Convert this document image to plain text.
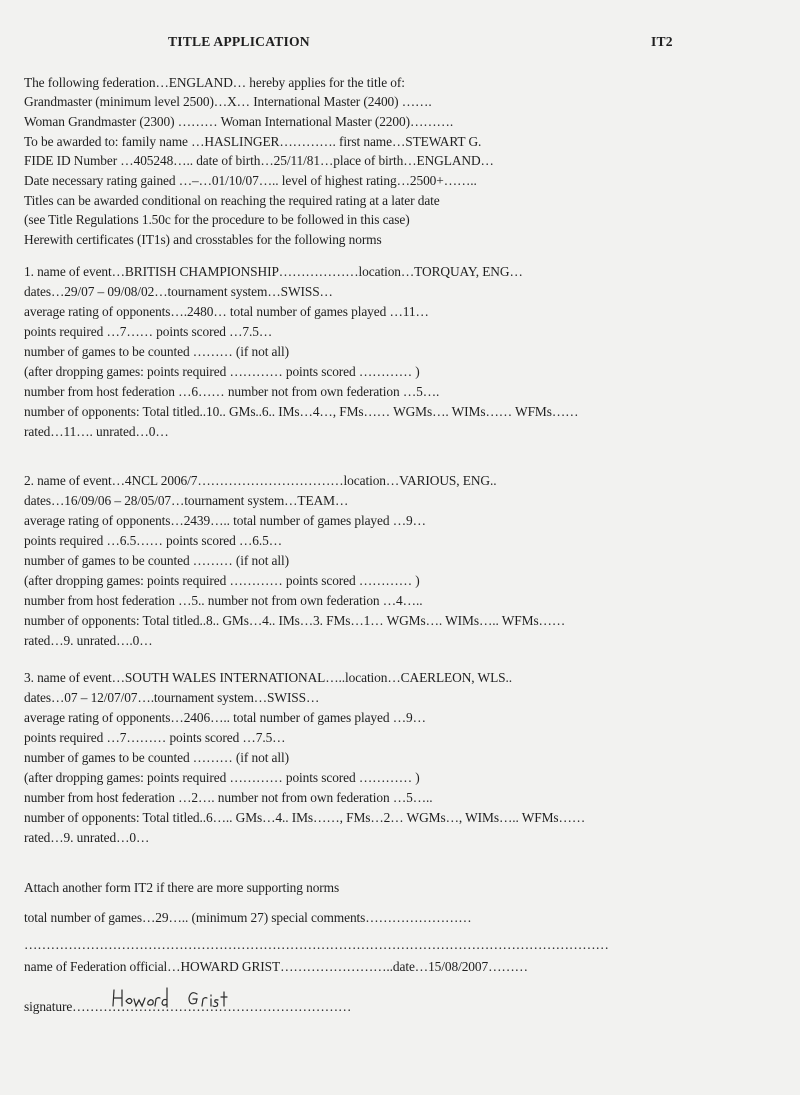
TITLE APPLICATION	IT2
The following federation…ENGLAND… hereby applies for the title of:
Grandmaster (minimum level 2500)…X… International Master (2400) …….
Woman Grandmaster (2300) ……… Woman International Master (2200)……….
To be awarded to: family name …HASLINGER…………. first name…STEWART G.
FIDE ID Number …405248….. date of birth…25/11/81…place of birth…ENGLAND…
Date necessary rating gained …–…01/10/07….. level of highest rating…2500+……..
Titles can be awarded conditional on reaching the required rating at a later date
(see Title Regulations 1.50c for the procedure to be followed in this case)
Herewith certificates (IT1s) and crosstables for the following norms
1. name of event…BRITISH CHAMPIONSHIP………………location…TORQUAY, ENG…
dates…29/07 – 09/08/02…tournament system…SWISS…
average rating of opponents….2480… total number of games played …11…
points required …7…… points scored …7.5…
number of games to be counted ……… (if not all)
(after dropping games: points required ………… points scored ………… )
number from host federation …6…… number not from own federation …5….
number of opponents: Total titled..10.. GMs..6.. IMs…4…, FMs…… WGMs…. WIMs…… WFMs……
rated…11…. unrated…0…
2. name of event…4NCL 2006/7……………………………location…VARIOUS, ENG..
dates…16/09/06 – 28/05/07…tournament system…TEAM…
average rating of opponents…2439….. total number of games played …9…
points required …6.5…… points scored …6.5…
number of games to be counted ……… (if not all)
(after dropping games: points required ………… points scored ………… )
number from host federation …5.. number not from own federation …4…..
number of opponents: Total titled..8.. GMs…4.. IMs…3. FMs…1… WGMs…. WIMs….. WFMs……
rated…9. unrated….0…
3. name of event…SOUTH WALES INTERNATIONAL…..location…CAERLEON, WLS..
dates…07 – 12/07/07….tournament system…SWISS…
average rating of opponents…2406….. total number of games played …9…
points required …7……… points scored …7.5…
number of games to be counted ……… (if not all)
(after dropping games: points required ………… points scored ………… )
number from host federation …2…. number not from own federation …5…..
number of opponents: Total titled..6….. GMs…4.. IMs……, FMs…2… WGMs…, WIMs….. WFMs……
rated…9. unrated…0…
Attach another form IT2 if there are more supporting norms
total number of games…29….. (minimum 27) special comments……………………
……………………………………………………………………………………………………………………
name of Federation official…HOWARD GRIST……………………..date…15/08/2007………
signature………………………………………………………
